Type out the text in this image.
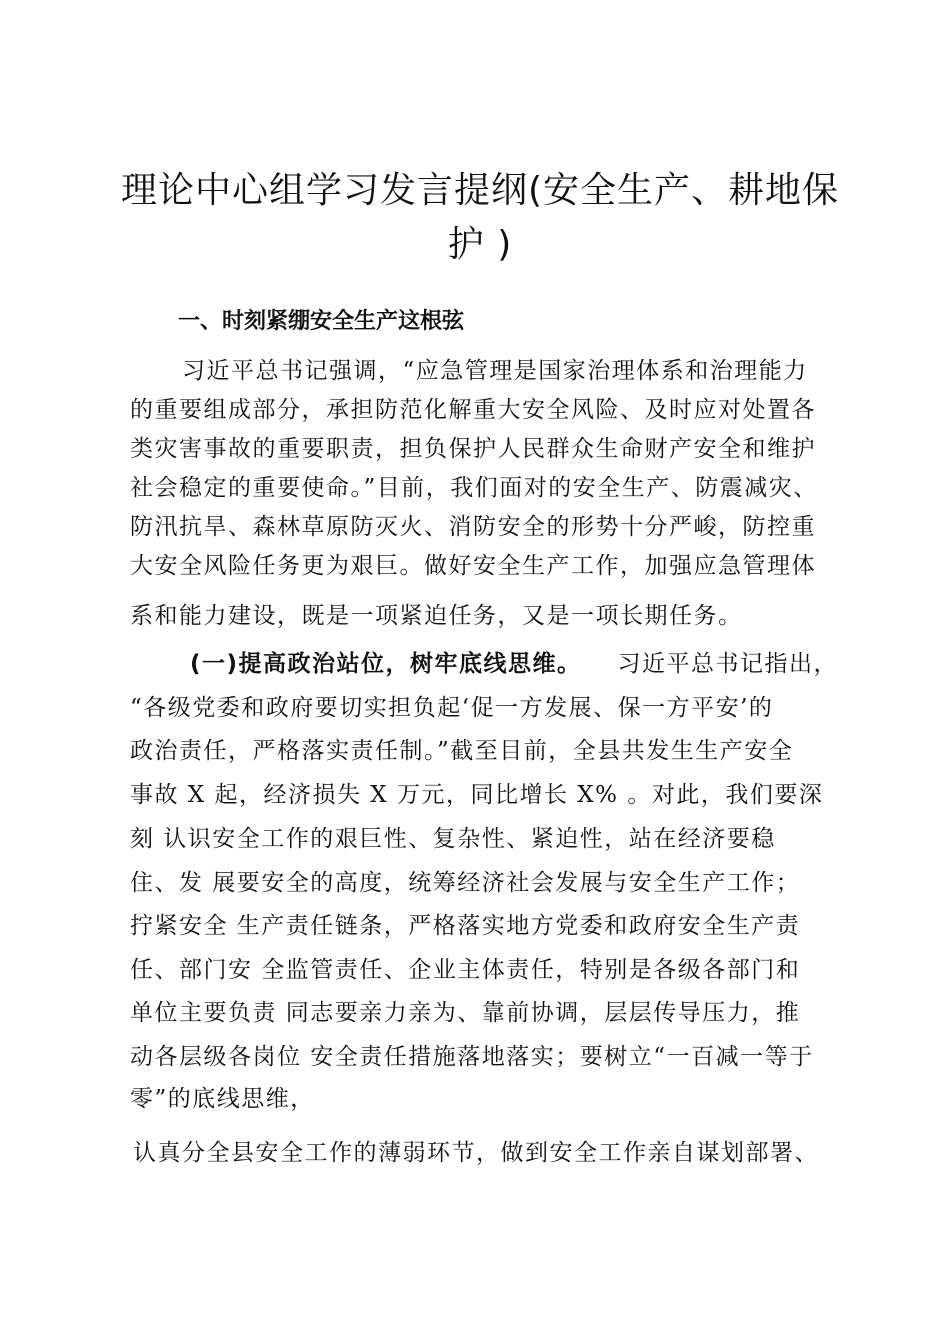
理论中心组学习发言提纲(安全生产、耕地保
护 )
一、时刻紧绷安全生产这根弦
习近平总书记强调，“应急管理是国家治理体系和治理能力
的重要组成部分，承担防范化解重大安全风险、及时应对处置各
类灾害事故的重要职责，担负保护人民群众生命财产安全和维护
社会稳定的重要使命。”目前，我们面对的安全生产、防震减灾、
防汛抗旱、森林草原防灭火、消防安全的形势十分严峻，防控重
大安全风险任务更为艰巨。做好安全生产工作，加强应急管理体
系和能力建设，既是一项紧迫任务，又是一项长期任务。
(一)提高政治站位，树牢底线思维。 习近平总书记指出，
“各级党委和政府要切实担负起‘促一方发展、保一方平安’的
政治责任，严格落实责任制。”截至目前，全县共发生生产安全
事故 X 起，经济损失 X 万元，同比增长 X% 。对此，我们要深
刻 认识安全工作的艰巨性、复杂性、紧迫性，站在经济要稳
住、发 展要安全的高度，统筹经济社会发展与安全生产工作；
拧紧安全 生产责任链条，严格落实地方党委和政府安全生产责
任、部门安 全监管责任、企业主体责任，特别是各级各部门和
单位主要负责 同志要亲力亲为、靠前协调，层层传导压力，推
动各层级各岗位 安全责任措施落地落实；要树立“一百减一等于
零”的底线思维，
认真分全县安全工作的薄弱环节，做到安全工作亲自谋划部署、
